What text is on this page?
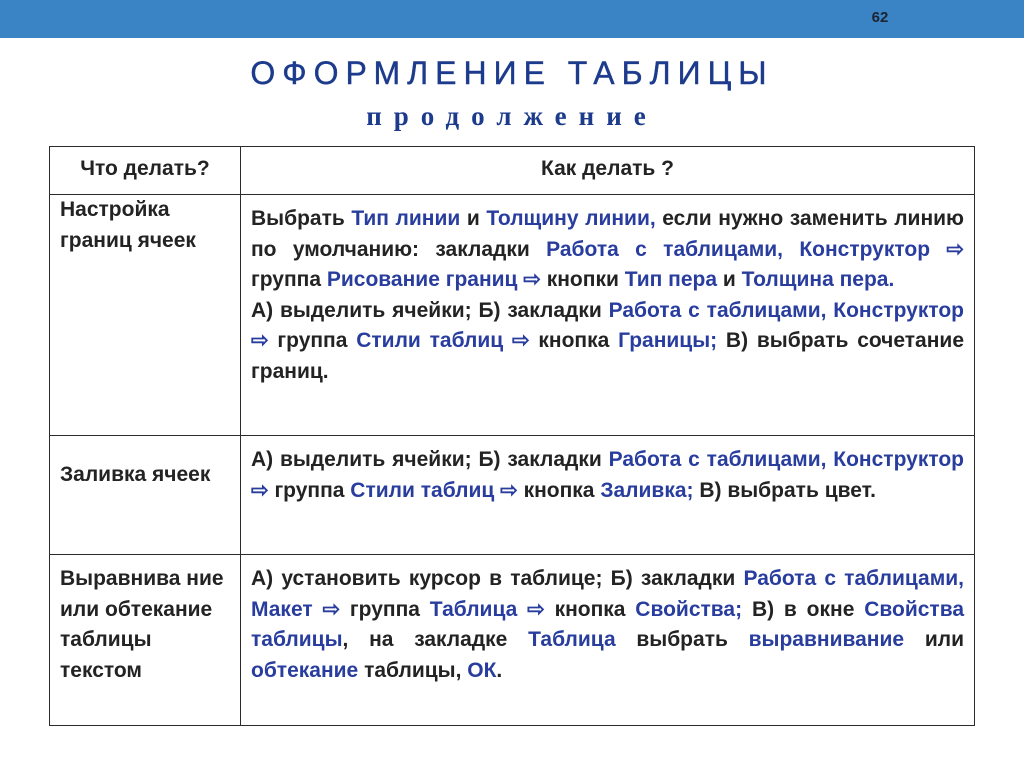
62
ОФОРМЛЕНИЕ ТАБЛИЦЫ
продолжение
Что делать?	Как делать ?
Настройка границ ячеек	Выбрать Тип линии и Толщину линии, если нужно заменить линию по умолчанию: закладки Работа с таблицами, Конструктор ⇨ группа Рисование границ ⇨ кнопки Тип пера и Толщина пера.
А) выделить ячейки; Б) закладки Работа с таблицами, Конструктор ⇨ группа Стили таблиц ⇨ кнопка Границы; В) выбрать сочетание границ.
Заливка ячеек	А) выделить ячейки; Б) закладки Работа с таблицами, Конструктор ⇨ группа Стили таблиц ⇨ кнопка Заливка; В) выбрать цвет.
Выравнива ние или обтекание таблицы текстом	А) установить курсор в таблице; Б) закладки Работа с таблицами, Макет ⇨ группа Таблица ⇨ кнопка Свойства; В) в окне Свойства таблицы, на закладке Таблица выбрать выравнивание или обтекание таблицы, ОК.
